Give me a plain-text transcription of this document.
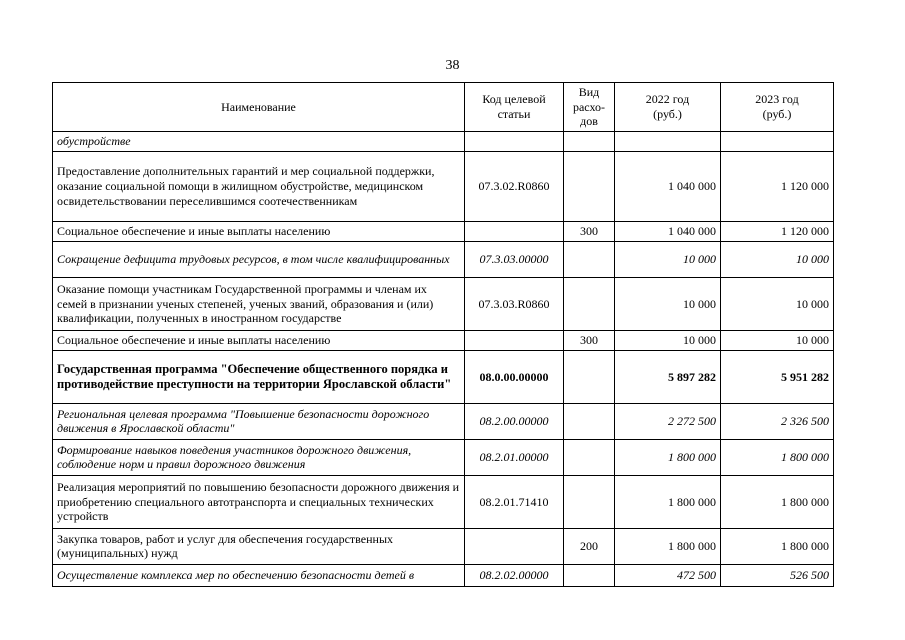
38
Наименование	Код целевой статьи	Вид расхо-дов	2022 год (руб.)	2023 год (руб.)
обустройстве				
Предоставление дополнительных гарантий и мер социальной поддержки, оказание социальной помощи в жилищном обустройстве, медицинском освидетельствовании переселившимся соотечественникам	07.3.02.R0860		1 040 000	1 120 000
Социальное обеспечение и иные выплаты населению		300	1 040 000	1 120 000
Сокращение дефицита трудовых ресурсов, в том числе квалифицированных	07.3.03.00000		10 000	10 000
Оказание помощи участникам Государственной программы и членам их семей в признании ученых степеней, ученых званий, образования и (или) квалификации, полученных в иностранном государстве	07.3.03.R0860		10 000	10 000
Социальное обеспечение и иные выплаты населению		300	10 000	10 000
Государственная программа "Обеспечение общественного порядка и противодействие преступности на территории Ярославской области"	08.0.00.00000		5 897 282	5 951 282
Региональная целевая программа "Повышение безопасности дорожного движения в Ярославской области"	08.2.00.00000		2 272 500	2 326 500
Формирование навыков поведения участников дорожного движения, соблюдение норм и правил дорожного движения	08.2.01.00000		1 800 000	1 800 000
Реализация мероприятий по повышению безопасности дорожного движения и приобретению специального автотранспорта и специальных технических устройств	08.2.01.71410		1 800 000	1 800 000
Закупка товаров, работ и услуг для обеспечения государственных (муниципальных) нужд		200	1 800 000	1 800 000
Осуществление комплекса мер по обеспечению безопасности детей в	08.2.02.00000		472 500	526 500
